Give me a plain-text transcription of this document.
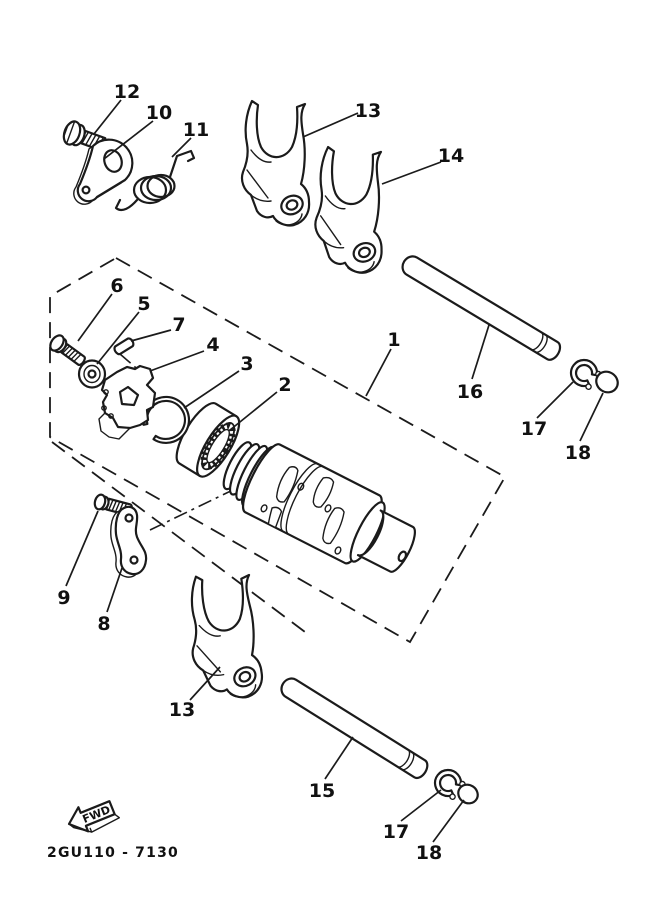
12
10
11
13
14
6
5
7
4
3
2
1
16
17
18
9
8
13
15
17
18
FWD
2GU110 - 7130
